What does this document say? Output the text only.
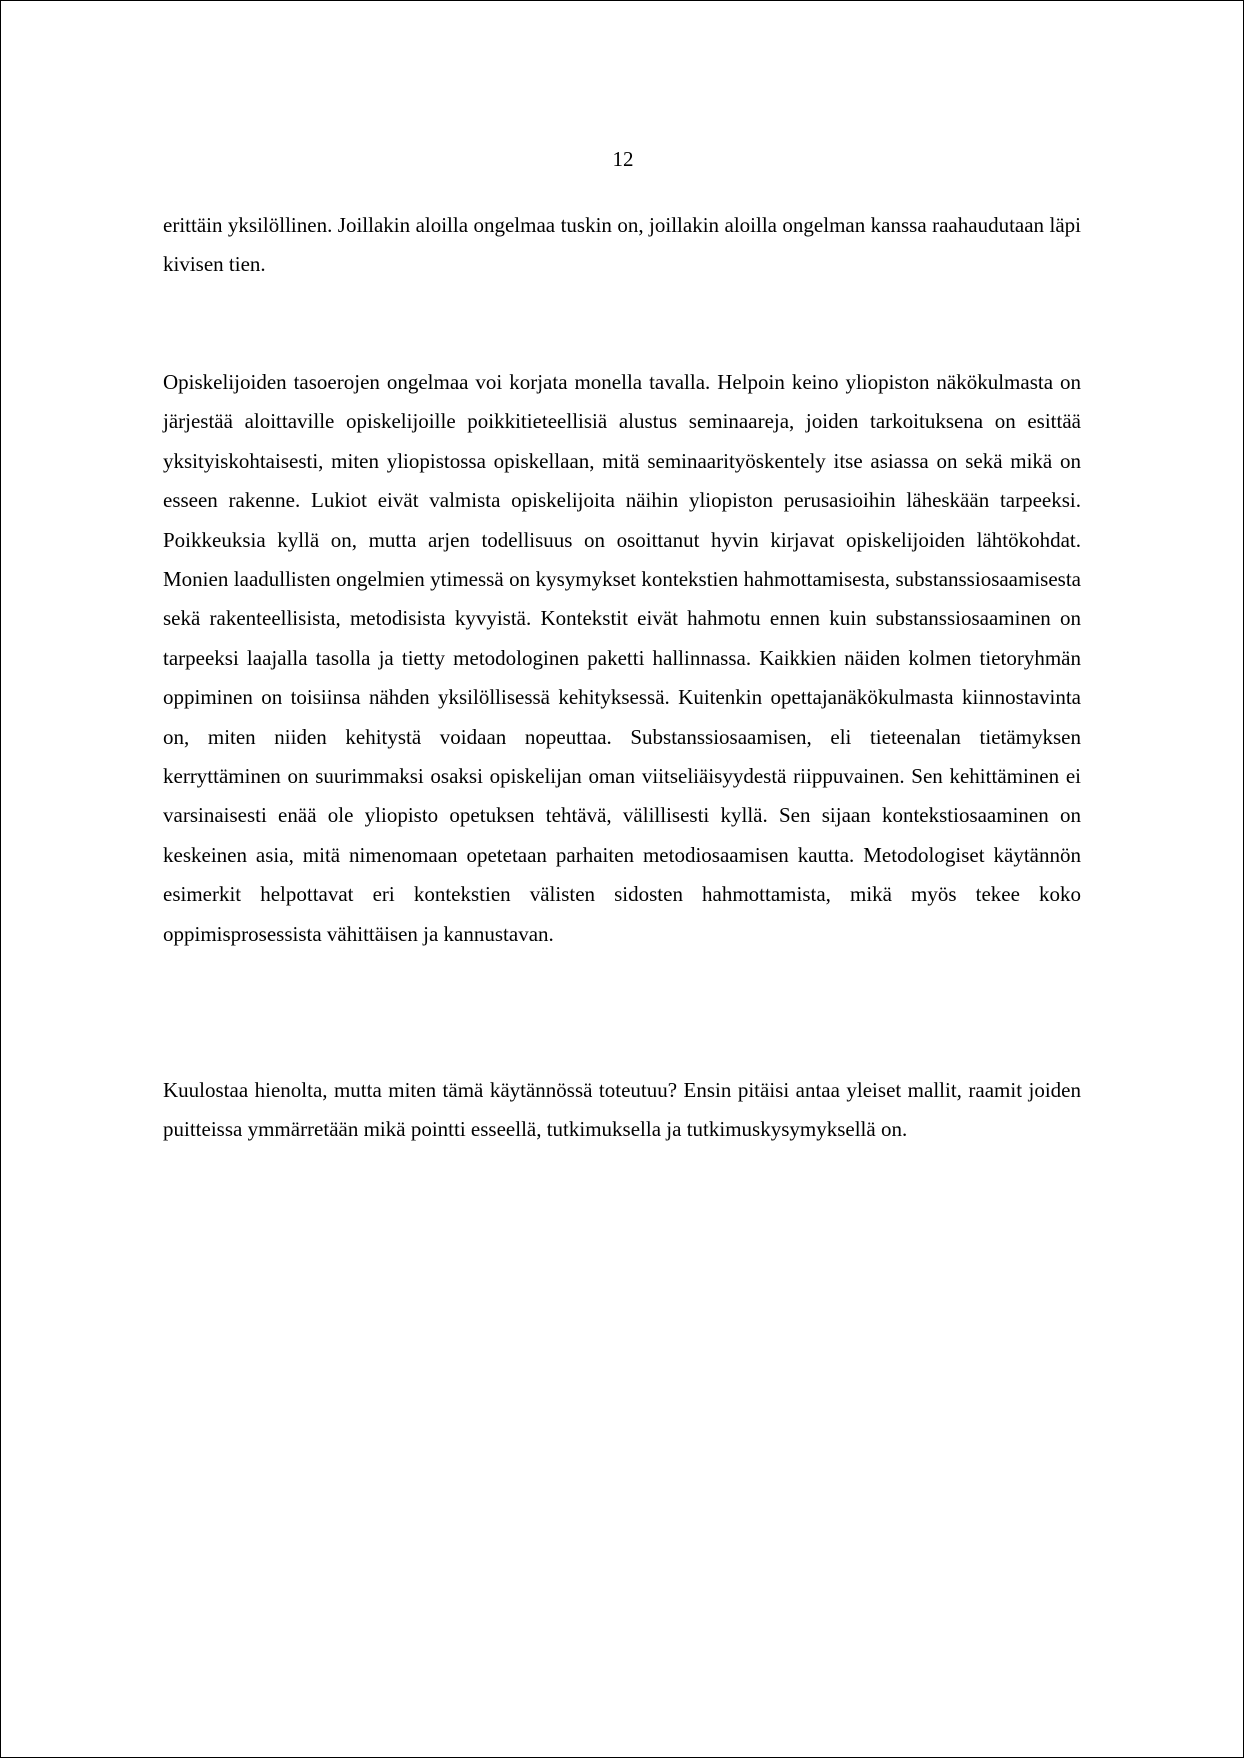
12

erittäin yksilöllinen. Joillakin aloilla ongelmaa tuskin on, joillakin aloilla ongelman kanssa raahaudutaan läpi kivisen tien.

Opiskelijoiden tasoerojen ongelmaa voi korjata monella tavalla. Helpoin keino yliopiston näkökulmasta on järjestää aloittaville opiskelijoille poikkitieteellisiä alustus seminaareja, joiden tarkoituksena on esittää yksityiskohtaisesti, miten yliopistossa opiskellaan, mitä seminaarityöskentely itse asiassa on sekä mikä on esseen rakenne. Lukiot eivät valmista opiskelijoita näihin yliopiston perusasioihin läheskään tarpeeksi. Poikkeuksia kyllä on, mutta arjen todellisuus on osoittanut hyvin kirjavat opiskelijoiden lähtökohdat. Monien laadullisten ongelmien ytimessä on kysymykset kontekstien hahmottamisesta, substanssiosaamisesta sekä rakenteellisista, metodisista kyvyistä. Kontekstit eivät hahmotu ennen kuin substanssiosaaminen on tarpeeksi laajalla tasolla ja tietty metodologinen paketti hallinnassa. Kaikkien näiden kolmen tietoryhmän oppiminen on toisiinsa nähden yksilöllisessä kehityksessä. Kuitenkin opettajanäkökulmasta kiinnostavinta on, miten niiden kehitystä voidaan nopeuttaa. Substanssiosaamisen, eli tieteenalan tietämyksen kerryttäminen on suurimmaksi osaksi opiskelijan oman viitseliäisyydestä riippuvainen. Sen kehittäminen ei varsinaisesti enää ole yliopisto opetuksen tehtävä, välillisesti kyllä. Sen sijaan kontekstiosaaminen on keskeinen asia, mitä nimenomaan opetetaan parhaiten metodiosaamisen kautta. Metodologiset käytännön esimerkit helpottavat eri kontekstien välisten sidosten hahmottamista, mikä myös tekee koko oppimisprosessista vähittäisen ja kannustavan.

Kuulostaa hienolta, mutta miten tämä käytännössä toteutuu? Ensin pitäisi antaa yleiset mallit, raamit joiden puitteissa ymmärretään mikä pointti esseellä, tutkimuksella ja tutkimuskysymyksellä on.
